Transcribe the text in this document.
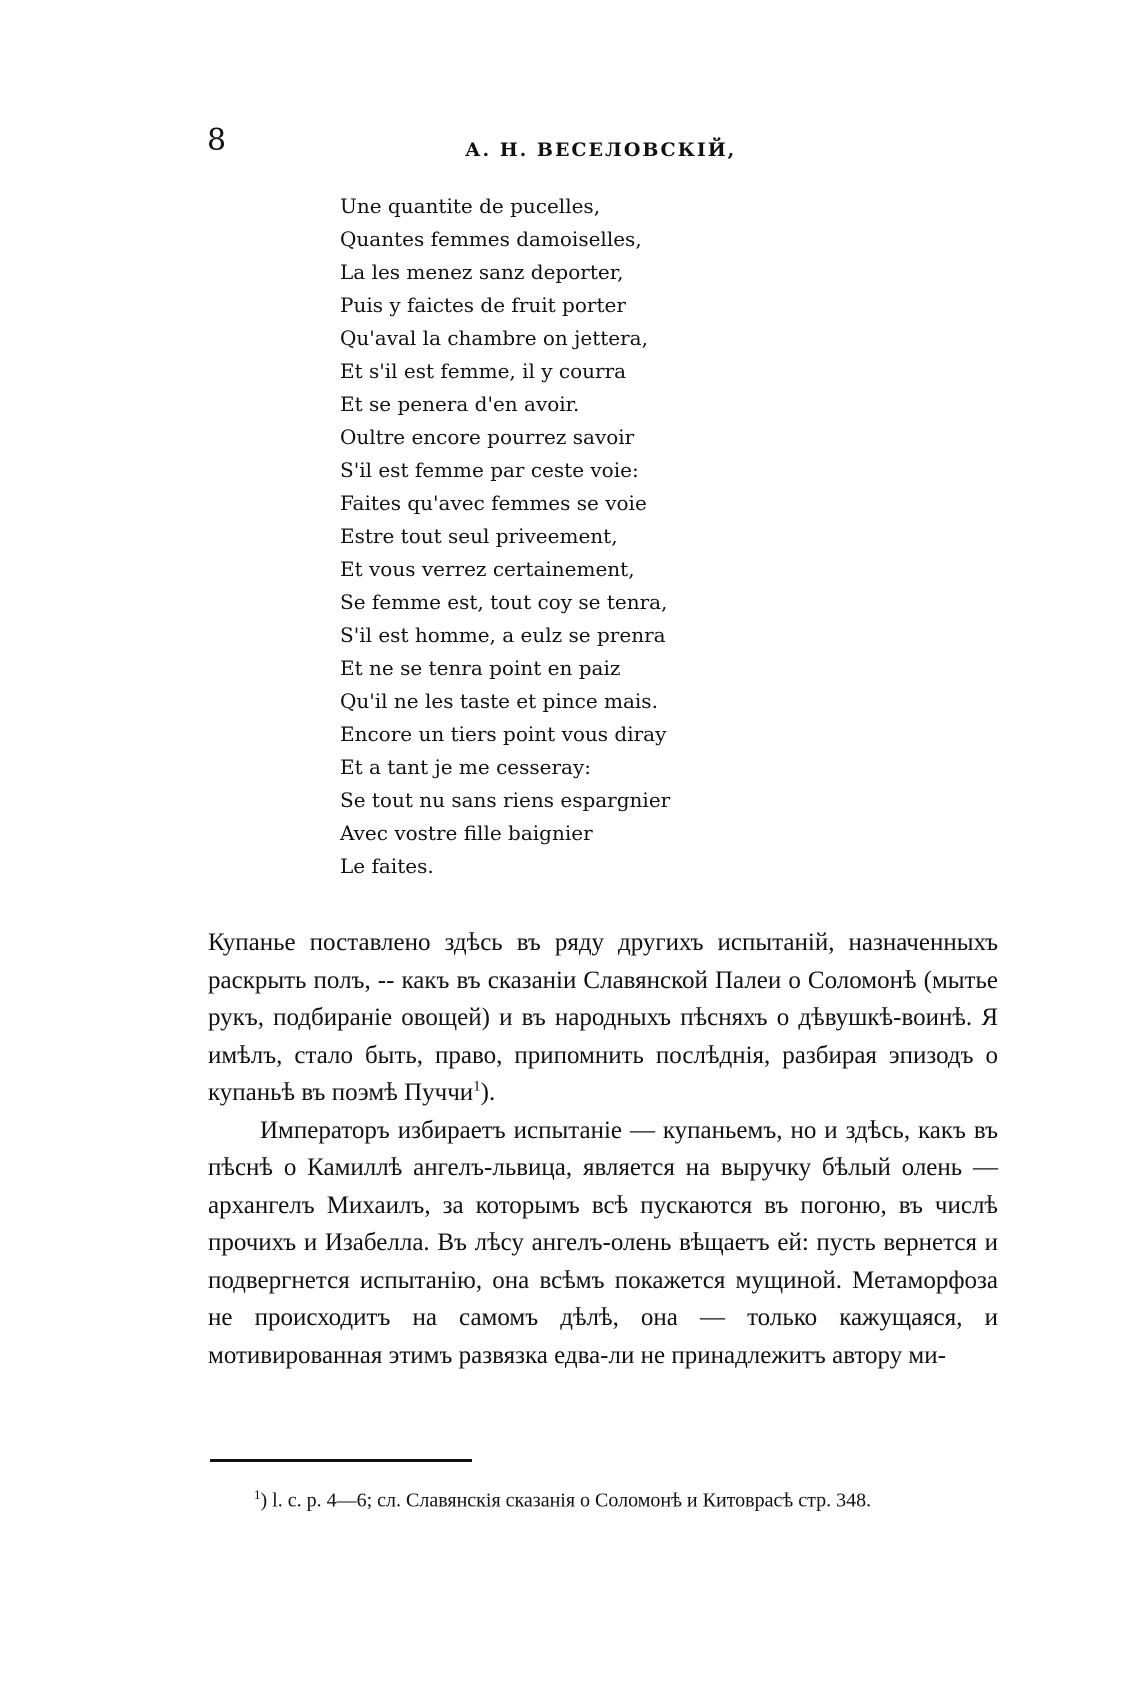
8	А. Н. ВЕСЕЛОВСКІЙ,
Une quantite de pucelles,
Quantes femmes damoiselles,
La les menez sanz deporter,
Puis y faictes de fruit porter
Qu'aval la chambre on jettera,
Et s'il est femme, il y courra
Et se penera d'en avoir.
Oultre encore pourrez savoir
S'il est femme par ceste voie:
Faites qu'avec femmes se voie
Estre tout seul priveement,
Et vous verrez certainement,
Se femme est, tout coy se tenra,
S'il est homme, a eulz se prenra
Et ne se tenra point en paiz
Qu'il ne les taste et pince mais.
Encore un tiers point vous diray
Et a tant je me cesseray:
Se tout nu sans riens espargnier
Avec vostre fille baignier
Le faites.

Купанье поставлено здѣсь въ ряду другихъ испытаній, назначенныхъ раскрыть полъ, -- какъ въ сказаніи Славянской Палеи о Соломонѣ (мытье рукъ, подбираніе овощей) и въ народныхъ пѣсняхъ о дѣвушкѣ-воинѣ. Я имѣлъ, стало быть, право, припомнить послѣднія, разбирая эпизодъ о купаньѣ въ поэмѣ Пуччи$^1$).

Императоръ избираетъ испытаніе — купаньемъ, но и здѣсь, какъ въ пѣснѣ о Камиллѣ ангелъ-львица, является на выручку бѣлый олень — архангелъ Михаилъ, за которымъ всѣ пускаются въ погоню, въ числѣ прочихъ и Изабелла. Въ лѣсу ангелъ-олень вѣщаетъ ей: пусть вернется и подвергнется испытанію, она всѣмъ покажется мущиной. Метаморфоза не происходитъ на самомъ дѣлѣ, она — только кажущаяся, и мотивированная этимъ развязка едва-ли не принадлежитъ автору ми-

$^1$) l. c. p. 4—6; сл. Славянскія сказанія о Соломонѣ и Китоврасѣ стр. 348.
